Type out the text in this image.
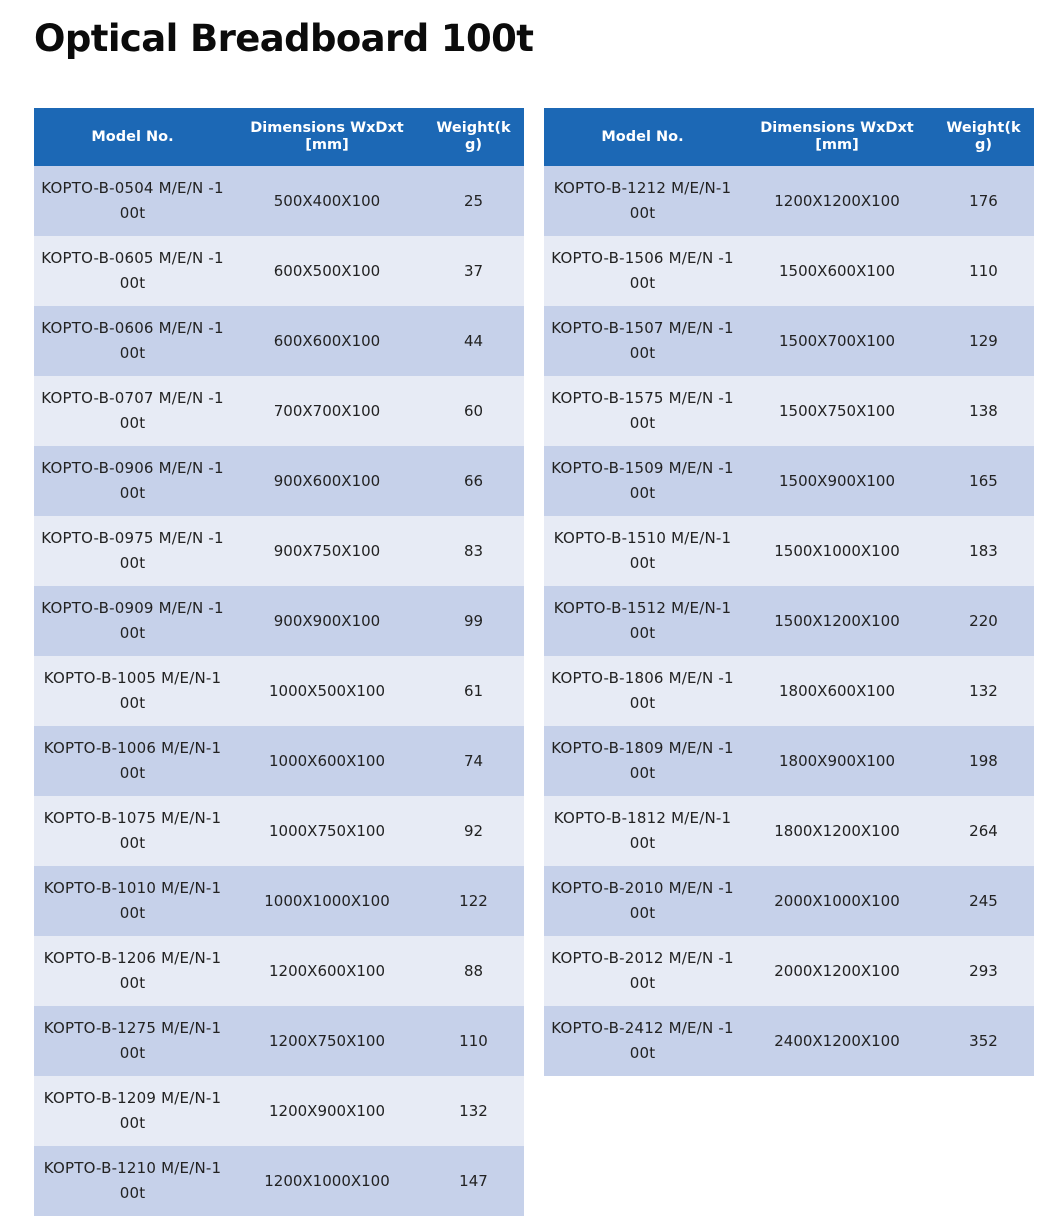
Optical Breadboard 100t
Model No.	Dimensions WxDxt [mm]	Weight(kg)
KOPTO-B-0504 M/E/N -100t	500X400X100	25
KOPTO-B-0605 M/E/N -100t	600X500X100	37
KOPTO-B-0606 M/E/N -100t	600X600X100	44
KOPTO-B-0707 M/E/N -100t	700X700X100	60
KOPTO-B-0906 M/E/N -100t	900X600X100	66
KOPTO-B-0975 M/E/N -100t	900X750X100	83
KOPTO-B-0909 M/E/N -100t	900X900X100	99
KOPTO-B-1005 M/E/N-100t	1000X500X100	61
KOPTO-B-1006 M/E/N-100t	1000X600X100	74
KOPTO-B-1075 M/E/N-100t	1000X750X100	92
KOPTO-B-1010 M/E/N-100t	1000X1000X100	122
KOPTO-B-1206 M/E/N-100t	1200X600X100	88
KOPTO-B-1275 M/E/N-100t	1200X750X100	110
KOPTO-B-1209 M/E/N-100t	1200X900X100	132
KOPTO-B-1210 M/E/N-100t	1200X1000X100	147
Model No.	Dimensions WxDxt [mm]	Weight(kg)
KOPTO-B-1212 M/E/N-100t	1200X1200X100	176
KOPTO-B-1506 M/E/N -100t	1500X600X100	110
KOPTO-B-1507 M/E/N -100t	1500X700X100	129
KOPTO-B-1575 M/E/N -100t	1500X750X100	138
KOPTO-B-1509 M/E/N -100t	1500X900X100	165
KOPTO-B-1510 M/E/N-100t	1500X1000X100	183
KOPTO-B-1512 M/E/N-100t	1500X1200X100	220
KOPTO-B-1806 M/E/N -100t	1800X600X100	132
KOPTO-B-1809 M/E/N -100t	1800X900X100	198
KOPTO-B-1812 M/E/N-100t	1800X1200X100	264
KOPTO-B-2010 M/E/N -100t	2000X1000X100	245
KOPTO-B-2012 M/E/N -100t	2000X1200X100	293
KOPTO-B-2412 M/E/N -100t	2400X1200X100	352
